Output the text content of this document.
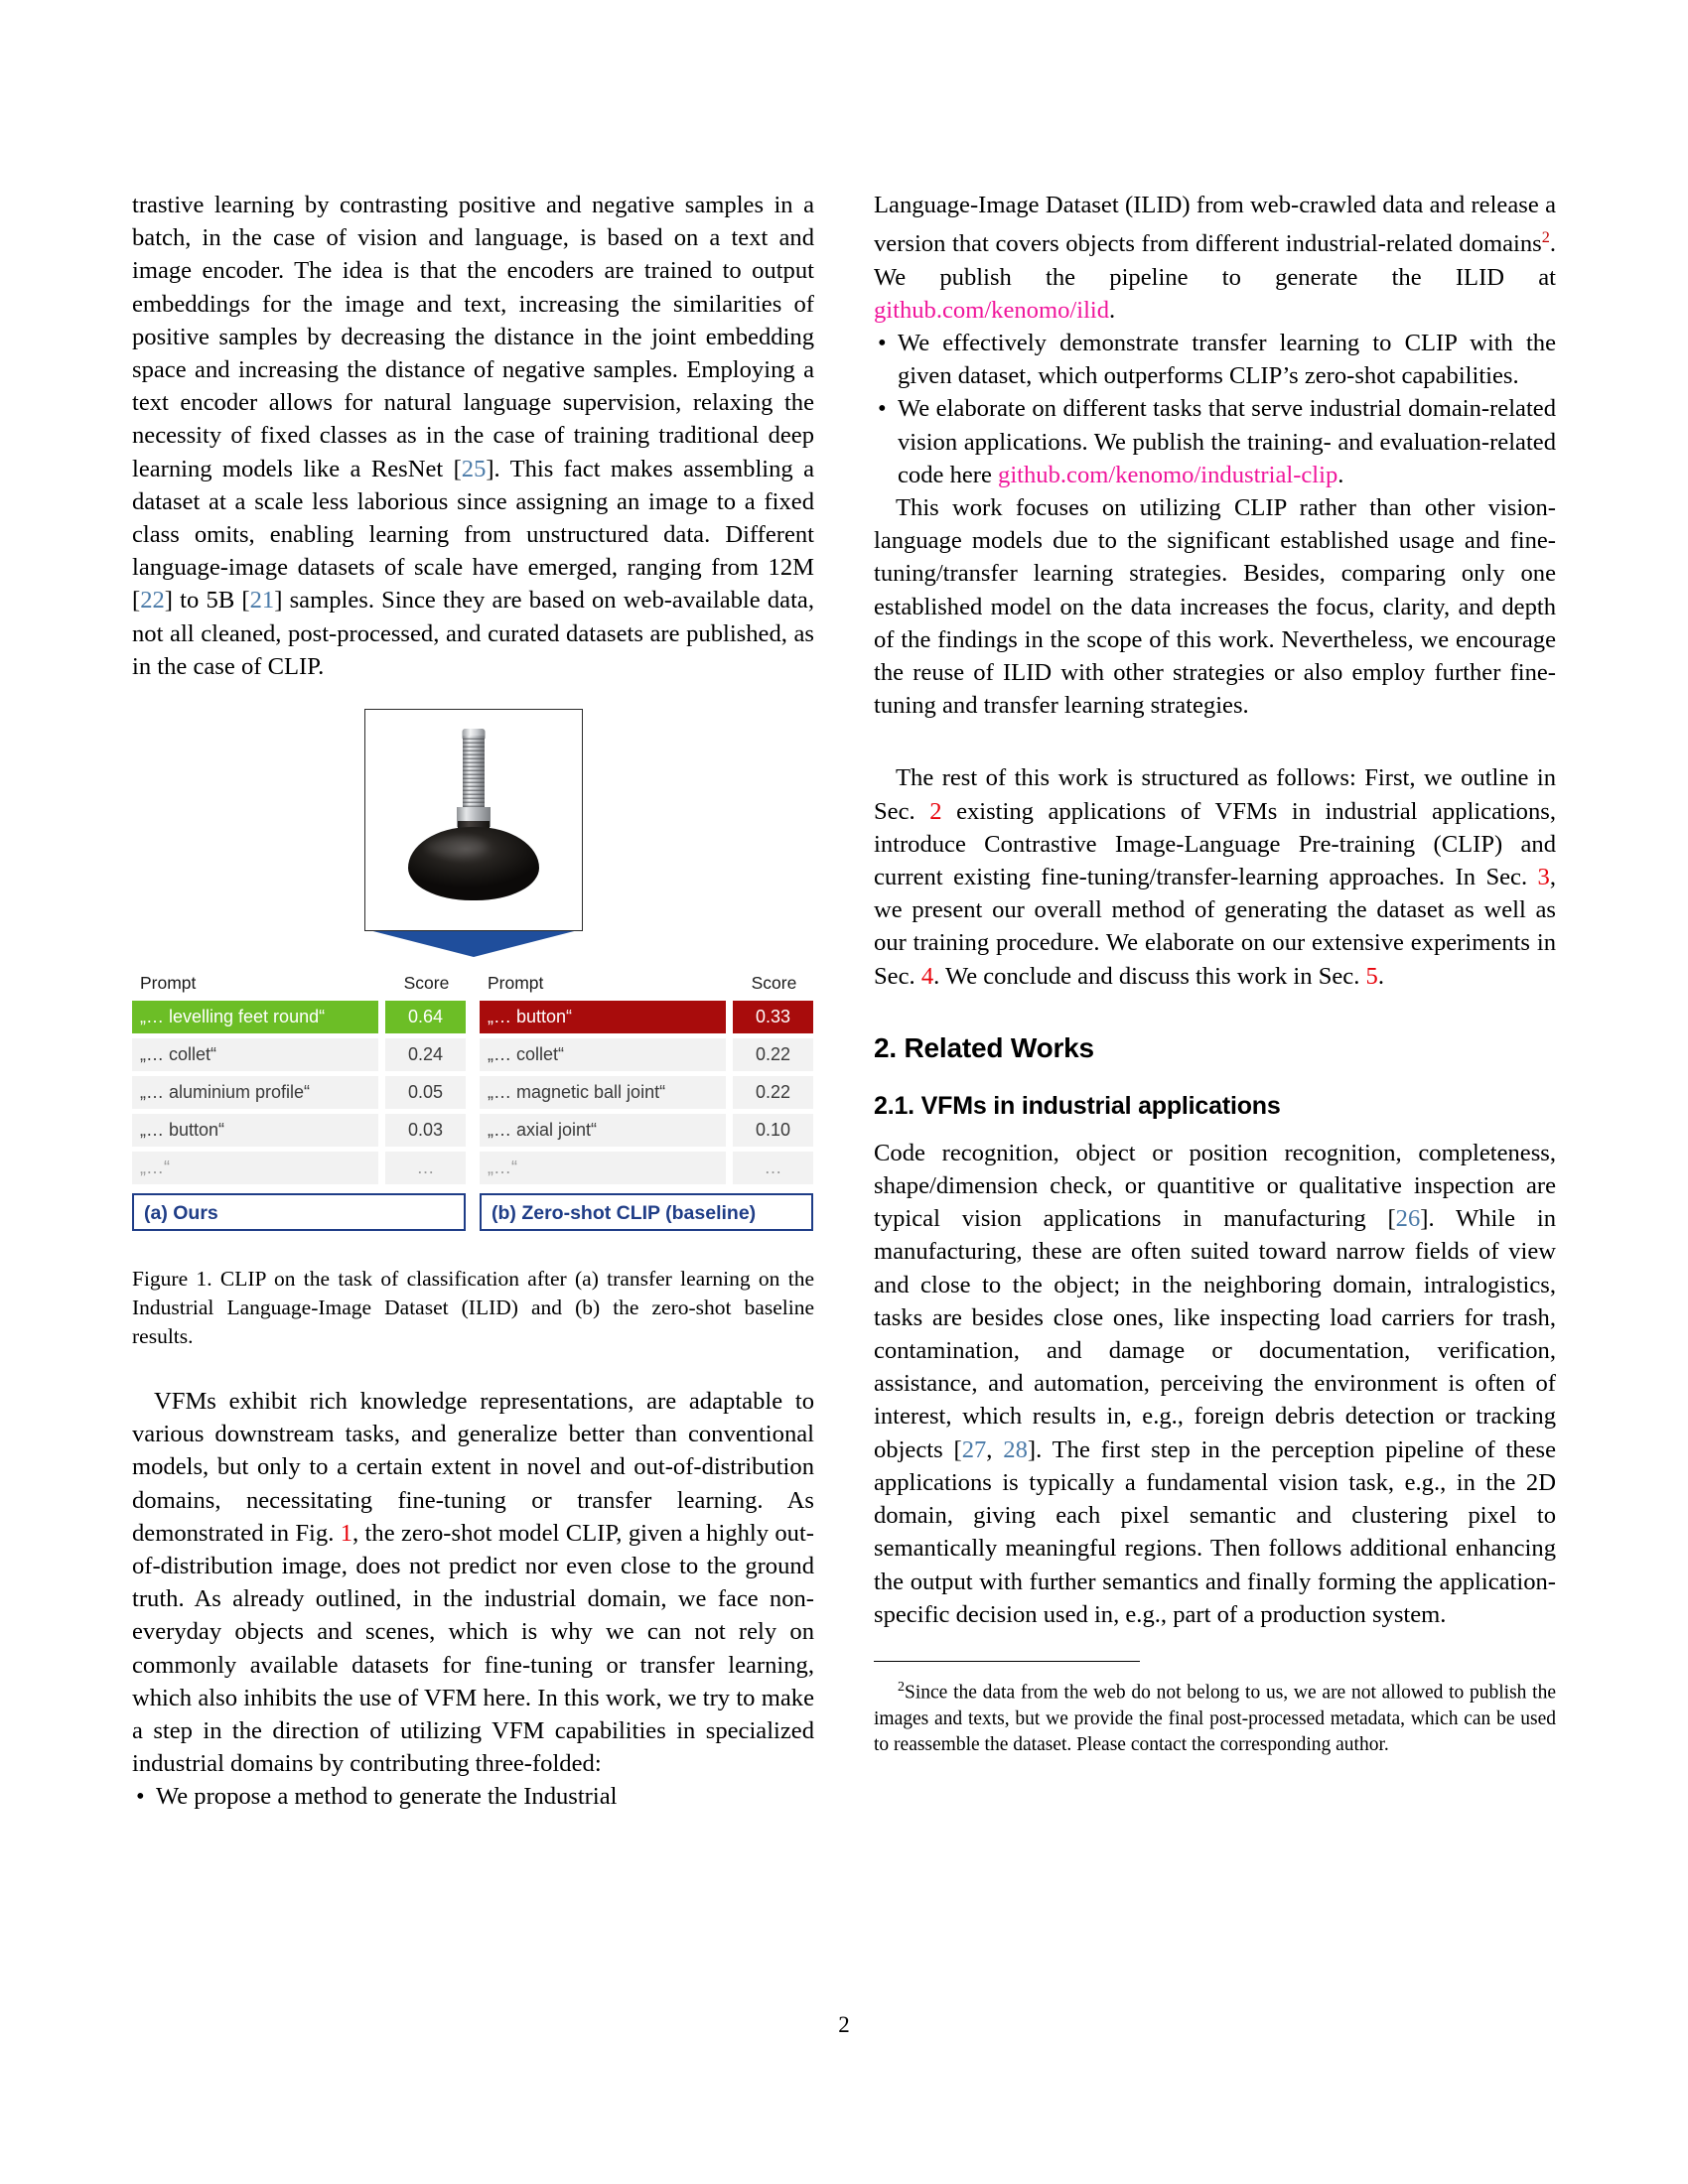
trastive learning by contrasting positive and negative samples in a batch, in the case of vision and language, is based on a text and image encoder. The idea is that the encoders are trained to output embeddings for the image and text, increasing the similarities of positive samples by decreasing the distance in the joint embedding space and increasing the distance of negative samples. Employing a text encoder allows for natural language supervision, relaxing the necessity of fixed classes as in the case of training traditional deep learning models like a ResNet [25]. This fact makes assembling a dataset at a scale less laborious since assigning an image to a fixed class omits, enabling learning from unstructured data. Different language-image datasets of scale have emerged, ranging from 12M [22] to 5B [21] samples. Since they are based on web-available data, not all cleaned, post-processed, and curated datasets are published, as in the case of CLIP.

Prompt	Score
„… levelling feet round“	0.64
„… collet“	0.24
„… aluminium profile“	0.05
„… button“	0.03
„…“	…
(a) Ours
Prompt	Score
„… button“	0.33
„… collet“	0.22
„… magnetic ball joint“	0.22
„… axial joint“	0.10
„…“	…
(b) Zero-shot CLIP (baseline)
Figure 1. CLIP on the task of classification after (a) transfer learning on the Industrial Language-Image Dataset (ILID) and (b) the zero-shot baseline results.

VFMs exhibit rich knowledge representations, are adaptable to various downstream tasks, and generalize better than conventional models, but only to a certain extent in novel and out-of-distribution domains, necessitating fine-tuning or transfer learning. As demonstrated in Fig. 1, the zero-shot model CLIP, given a highly out-of-distribution image, does not predict nor even close to the ground truth. As already outlined, in the industrial domain, we face non-everyday objects and scenes, which is why we can not rely on commonly available datasets for fine-tuning or transfer learning, which also inhibits the use of VFM here. In this work, we try to make a step in the direction of utilizing VFM capabilities in specialized industrial domains by contributing three-folded:

• We propose a method to generate the Industrial

Language-Image Dataset (ILID) from web-crawled data and release a version that covers objects from different industrial-related domains$^2$. We publish the pipeline to generate the ILID at github.com/kenomo/ilid.

• We effectively demonstrate transfer learning to CLIP with the given dataset, which outperforms CLIP’s zero-shot capabilities.
• We elaborate on different tasks that serve industrial domain-related vision applications. We publish the training- and evaluation-related code here github.com/kenomo/industrial-clip.

This work focuses on utilizing CLIP rather than other vision-language models due to the significant established usage and fine-tuning/transfer learning strategies. Besides, comparing only one established model on the data increases the focus, clarity, and depth of the findings in the scope of this work. Nevertheless, we encourage the reuse of ILID with other strategies or also employ further fine-tuning and transfer learning strategies.

The rest of this work is structured as follows: First, we outline in Sec. 2 existing applications of VFMs in industrial applications, introduce Contrastive Image-Language Pre-training (CLIP) and current existing fine-tuning/transfer-learning approaches. In Sec. 3, we present our overall method of generating the dataset as well as our training procedure. We elaborate on our extensive experiments in Sec. 4. We conclude and discuss this work in Sec. 5.

2. Related Works
2.1. VFMs in industrial applications

Code recognition, object or position recognition, completeness, shape/dimension check, or quantitive or qualitative inspection are typical vision applications in manufacturing [26]. While in manufacturing, these are often suited toward narrow fields of view and close to the object; in the neighboring domain, intralogistics, tasks are besides close ones, like inspecting load carriers for trash, contamination, and damage or documentation, verification, assistance, and automation, perceiving the environment is often of interest, which results in, e.g., foreign debris detection or tracking objects [27, 28]. The first step in the perception pipeline of these applications is typically a fundamental vision task, e.g., in the 2D domain, giving each pixel semantic and clustering pixel to semantically meaningful regions. Then follows additional enhancing the output with further semantics and finally forming the application-specific decision used in, e.g., part of a production system.

$^2$Since the data from the web do not belong to us, we are not allowed to publish the images and texts, but we provide the final post-processed metadata, which can be used to reassemble the dataset. Please contact the corresponding author.
2
